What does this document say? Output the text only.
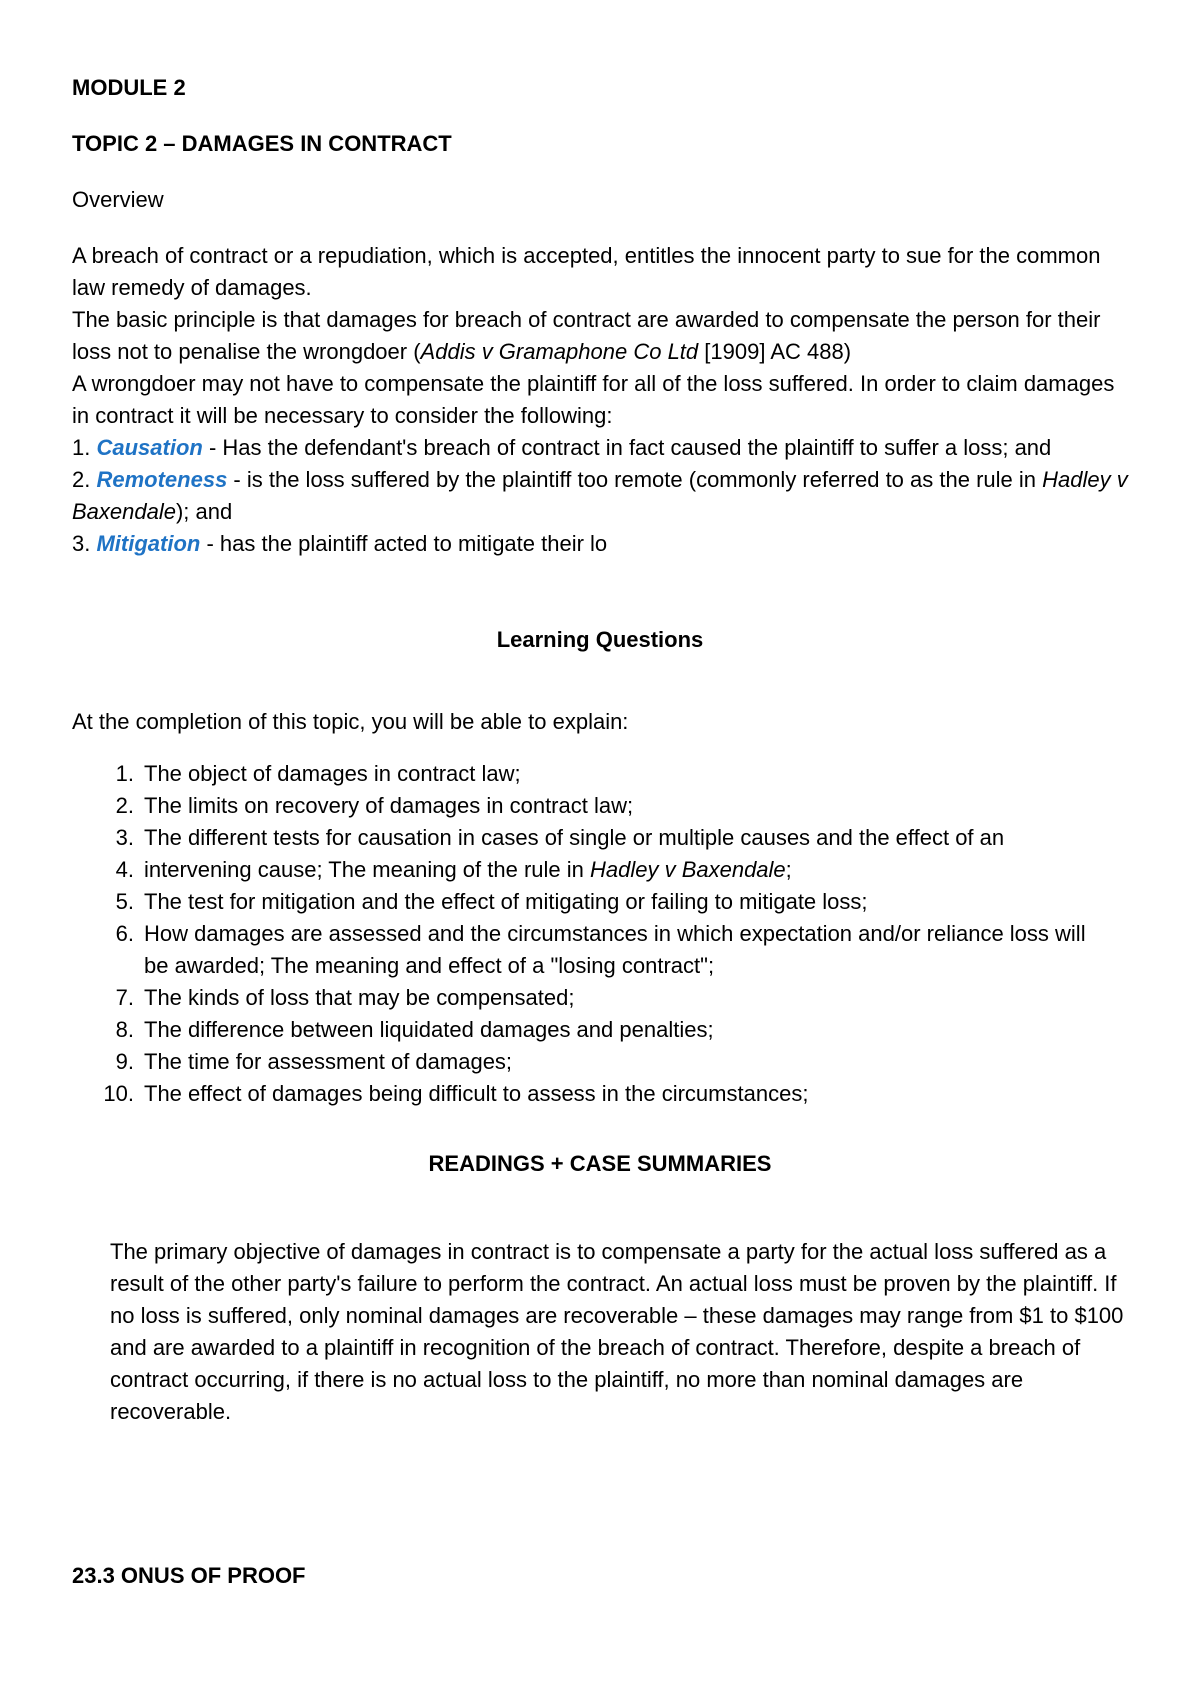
MODULE 2
TOPIC 2 – DAMAGES IN CONTRACT
Overview
A breach of contract or a repudiation, which is accepted, entitles the innocent party to sue for the common law remedy of damages.
The basic principle is that damages for breach of contract are awarded to compensate the person for their loss not to penalise the wrongdoer (Addis v Gramaphone Co Ltd [1909] AC 488)
A wrongdoer may not have to compensate the plaintiff for all of the loss suffered. In order to claim damages in contract it will be necessary to consider the following:
1. Causation - Has the defendant's breach of contract in fact caused the plaintiff to suffer a loss; and
2. Remoteness - is the loss suffered by the plaintiff too remote (commonly referred to as the rule in Hadley v Baxendale); and
3. Mitigation - has the plaintiff acted to mitigate their lo
Learning Questions
At the completion of this topic, you will be able to explain:
1. The object of damages in contract law;
2. The limits on recovery of damages in contract law;
3. The different tests for causation in cases of single or multiple causes and the effect of an
4. intervening cause; The meaning of the rule in Hadley v Baxendale;
5. The test for mitigation and the effect of mitigating or failing to mitigate loss;
6. How damages are assessed and the circumstances in which expectation and/or reliance loss will be awarded; The meaning and effect of a "losing contract";
7. The kinds of loss that may be compensated;
8. The difference between liquidated damages and penalties;
9. The time for assessment of damages;
10. The effect of damages being difficult to assess in the circumstances;
READINGS + CASE SUMMARIES
The primary objective of damages in contract is to compensate a party for the actual loss suffered as a result of the other party's failure to perform the contract. An actual loss must be proven by the plaintiff. If no loss is suffered, only nominal damages are recoverable – these damages may range from $1 to $100 and are awarded to a plaintiff in recognition of the breach of contract. Therefore, despite a breach of contract occurring, if there is no actual loss to the plaintiff, no more than nominal damages are recoverable.
23.3 ONUS OF PROOF
